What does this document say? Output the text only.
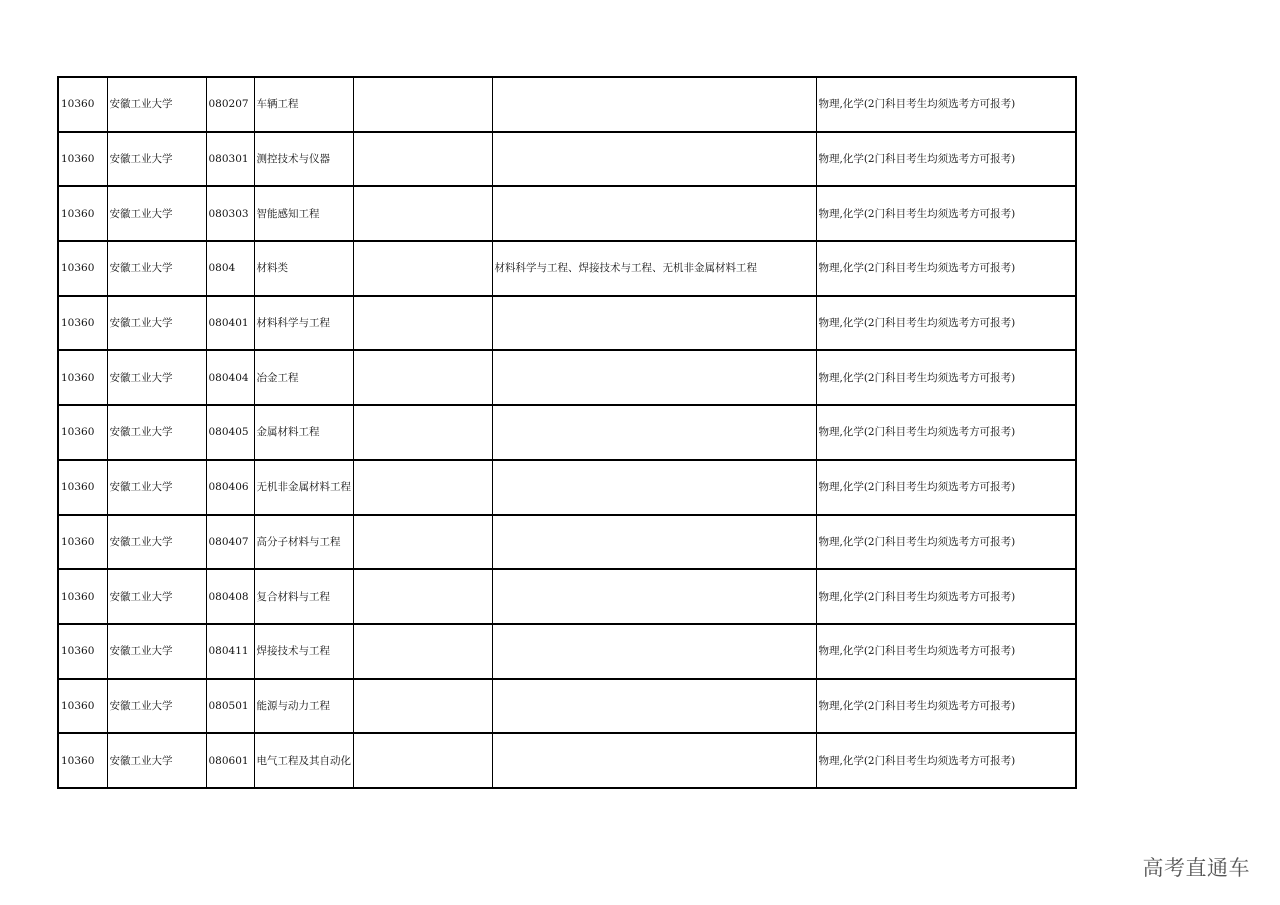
10360	安徽工业大学	080207	车辆工程			物理,化学(2门科目考生均须选考方可报考)
10360	安徽工业大学	080301	测控技术与仪器			物理,化学(2门科目考生均须选考方可报考)
10360	安徽工业大学	080303	智能感知工程			物理,化学(2门科目考生均须选考方可报考)
10360	安徽工业大学	0804	材料类		材料科学与工程、焊接技术与工程、无机非金属材料工程	物理,化学(2门科目考生均须选考方可报考)
10360	安徽工业大学	080401	材料科学与工程			物理,化学(2门科目考生均须选考方可报考)
10360	安徽工业大学	080404	冶金工程			物理,化学(2门科目考生均须选考方可报考)
10360	安徽工业大学	080405	金属材料工程			物理,化学(2门科目考生均须选考方可报考)
10360	安徽工业大学	080406	无机非金属材料工程			物理,化学(2门科目考生均须选考方可报考)
10360	安徽工业大学	080407	高分子材料与工程			物理,化学(2门科目考生均须选考方可报考)
10360	安徽工业大学	080408	复合材料与工程			物理,化学(2门科目考生均须选考方可报考)
10360	安徽工业大学	080411	焊接技术与工程			物理,化学(2门科目考生均须选考方可报考)
10360	安徽工业大学	080501	能源与动力工程			物理,化学(2门科目考生均须选考方可报考)
10360	安徽工业大学	080601	电气工程及其自动化			物理,化学(2门科目考生均须选考方可报考)
高考直通车
